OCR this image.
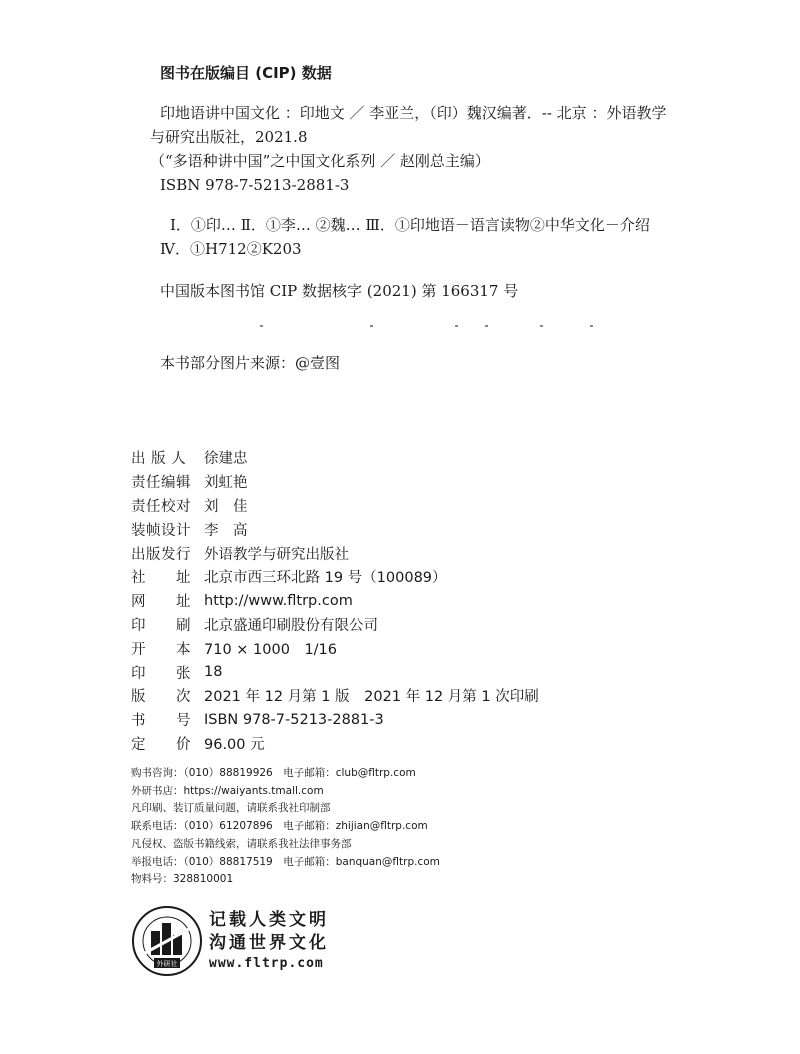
图书在版编目 (CIP) 数据
印地语讲中国文化 ：印地文 ／ 李亚兰，（印）魏汉编著．-- 北京 ：外语教学
与研究出版社，2021.8
（“多语种讲中国”之中国文化系列 ／ 赵刚总主编）
ISBN 978-7-5213-2881-3
Ⅰ．①印… Ⅱ．①李… ②魏… Ⅲ．①印地语－语言读物②中华文化－介绍
Ⅳ．①H712②K203
中国版本图书馆 CIP 数据核字 (2021) 第 166317 号
本书部分图片来源：@壹图
出 版 人	徐建忠
责任编辑 刘虹艳
责任校对 刘　佳
装帧设计 李　高
出版发行 外语教学与研究出版社
社　　址 北京市西三环北路 19 号（100089）
网　　址 http://www.fltrp.com
印　　刷 北京盛通印刷股份有限公司
开　　本 710 × 1000　1/16
印　　张 18
版　　次 2021 年 12 月第 1 版　2021 年 12 月第 1 次印刷
书　　号 ISBN 978-7-5213-2881-3
定　　价 96.00 元
购书咨询：（010）88819926　电子邮箱：club@fltrp.com
外研书店：https://waiyants.tmall.com
凡印刷、装订质量问题，请联系我社印制部
联系电话：（010）61207896　电子邮箱：zhijian@fltrp.com
凡侵权、盗版书籍线索，请联系我社法律事务部
举报电话：（010）88817519　电子邮箱：banquan@fltrp.com
物料号：328810001
外研社
记载人类文明
沟通世界文化
www.fltrp.com
